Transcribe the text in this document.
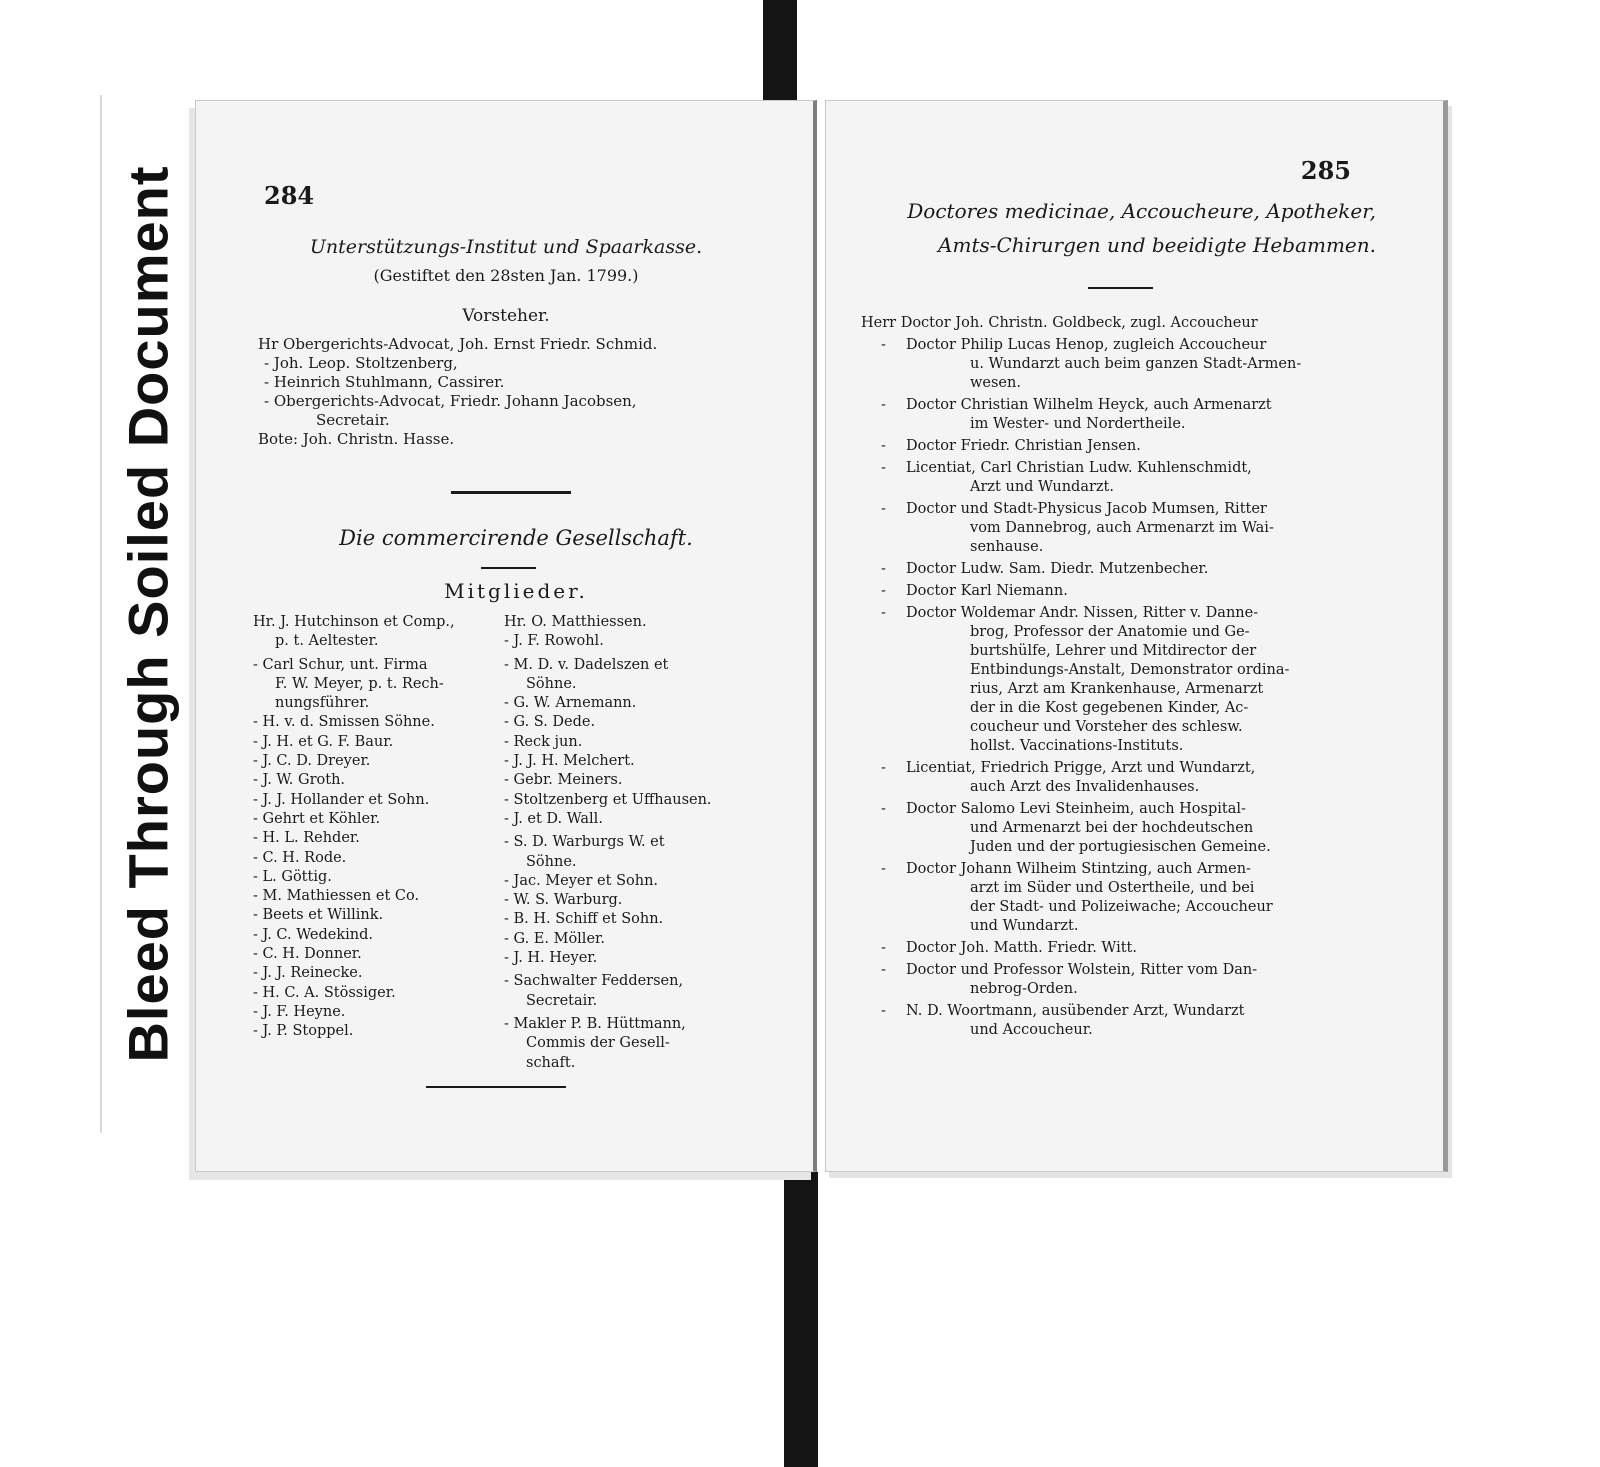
Bleed Through Soiled Document	284
Unterstützungs-Institut und Spaarkasse.
(Gestiftet den 28sten Jan. 1799.)
Vorsteher.
Hr Obergerichts-Advocat, Joh. Ernst Friedr. Schmid.
- Joh. Leop. Stoltzenberg,
- Heinrich Stuhlmann, Cassirer.
- Obergerichts-Advocat, Friedr. Johann Jacobsen,
Secretair.
Bote: Joh. Christn. Hasse.
Die commercirende Gesellschaft.
Mitglieder.
Hr. J. Hutchinson et Comp.,
p. t. Aeltester.
- Carl Schur, unt. Firma
F. W. Meyer, p. t. Rech-
nungsführer.
- H. v. d. Smissen Söhne.
- J. H. et G. F. Baur.
- J. C. D. Dreyer.
- J. W. Groth.
- J. J. Hollander et Sohn.
- Gehrt et Köhler.
- H. L. Rehder.
- C. H. Rode.
- L. Göttig.
- M. Mathiessen et Co.
- Beets et Willink.
- J. C. Wedekind.
- C. H. Donner.
- J. J. Reinecke.
- H. C. A. Stössiger.
- J. F. Heyne.
- J. P. Stoppel.
Hr. O. Matthiessen.
- J. F. Rowohl.
- M. D. v. Dadelszen et
Söhne.
- G. W. Arnemann.
- G. S. Dede.
- Reck jun.
- J. J. H. Melchert.
- Gebr. Meiners.
- Stoltzenberg et Uffhausen.
- J. et D. Wall.
- S. D. Warburgs W. et
Söhne.
- Jac. Meyer et Sohn.
- W. S. Warburg.
- B. H. Schiff et Sohn.
- G. E. Möller.
- J. H. Heyer.
- Sachwalter Feddersen,
Secretair.
- Makler P. B. Hüttmann,
Commis der Gesell-
schaft.
285
Doctores medicinae, Accoucheure, Apotheker,
Amts-Chirurgen und beeidigte Hebammen.
Herr Doctor Joh. Christn. Goldbeck, zugl. Accoucheur
-	Doctor Philip Lucas Henop, zugleich Accoucheur
u. Wundarzt auch beim ganzen Stadt-Armen-
wesen.
-	Doctor Christian Wilhelm Heyck, auch Armenarzt
im Wester- und Nordertheile.
-	Doctor Friedr. Christian Jensen.
-	Licentiat, Carl Christian Ludw. Kuhlenschmidt,
Arzt und Wundarzt.
-	Doctor und Stadt-Physicus Jacob Mumsen, Ritter
vom Dannebrog, auch Armenarzt im Wai-
senhause.
-	Doctor Ludw. Sam. Diedr. Mutzenbecher.
-	Doctor Karl Niemann.
-	Doctor Woldemar Andr. Nissen, Ritter v. Danne-
brog, Professor der Anatomie und Ge-
burtshülfe, Lehrer und Mitdirector der
Entbindungs-Anstalt, Demonstrator ordina-
rius, Arzt am Krankenhause, Armenarzt
der in die Kost gegebenen Kinder, Ac-
coucheur und Vorsteher des schlesw.
hollst. Vaccinations-Instituts.
-	Licentiat, Friedrich Prigge, Arzt und Wundarzt,
auch Arzt des Invalidenhauses.
-	Doctor Salomo Levi Steinheim, auch Hospital-
und Armenarzt bei der hochdeutschen
Juden und der portugiesischen Gemeine.
-	Doctor Johann Wilheim Stintzing, auch Armen-
arzt im Süder und Ostertheile, und bei
der Stadt- und Polizeiwache; Accoucheur
und Wundarzt.
-	Doctor Joh. Matth. Friedr. Witt.
-	Doctor und Professor Wolstein, Ritter vom Dan-
nebrog-Orden.
-	N. D. Woortmann, ausübender Arzt, Wundarzt
und Accoucheur.
